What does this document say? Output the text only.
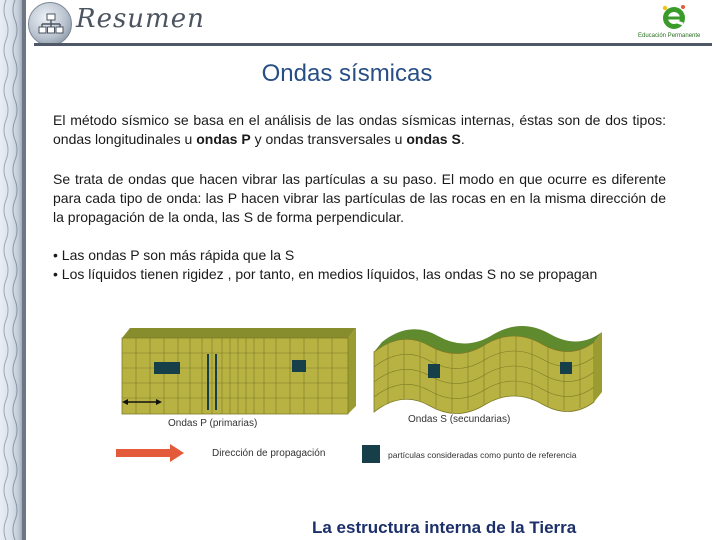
Resumen
Educación Permanente
Ondas sísmicas
El método sísmico se basa en el análisis de las ondas sísmicas internas, éstas son de dos tipos: ondas longitudinales u ondas P y ondas transversales u ondas S.
Se trata de ondas que hacen vibrar las partículas a su paso. El modo en que ocurre es diferente para cada tipo de onda: las P hacen vibrar las partículas de las rocas en en la misma dirección de la propagación de la onda, las S de forma perpendicular.
• Las ondas P son más rápida que la S
• Los líquidos tienen rigidez , por tanto, en medios líquidos, las ondas S no se propagan
Ondas P (primarias)	Ondas S (secundarias)
Dirección de propagación	partículas consideradas como punto de referencia
La estructura interna de la Tierra
